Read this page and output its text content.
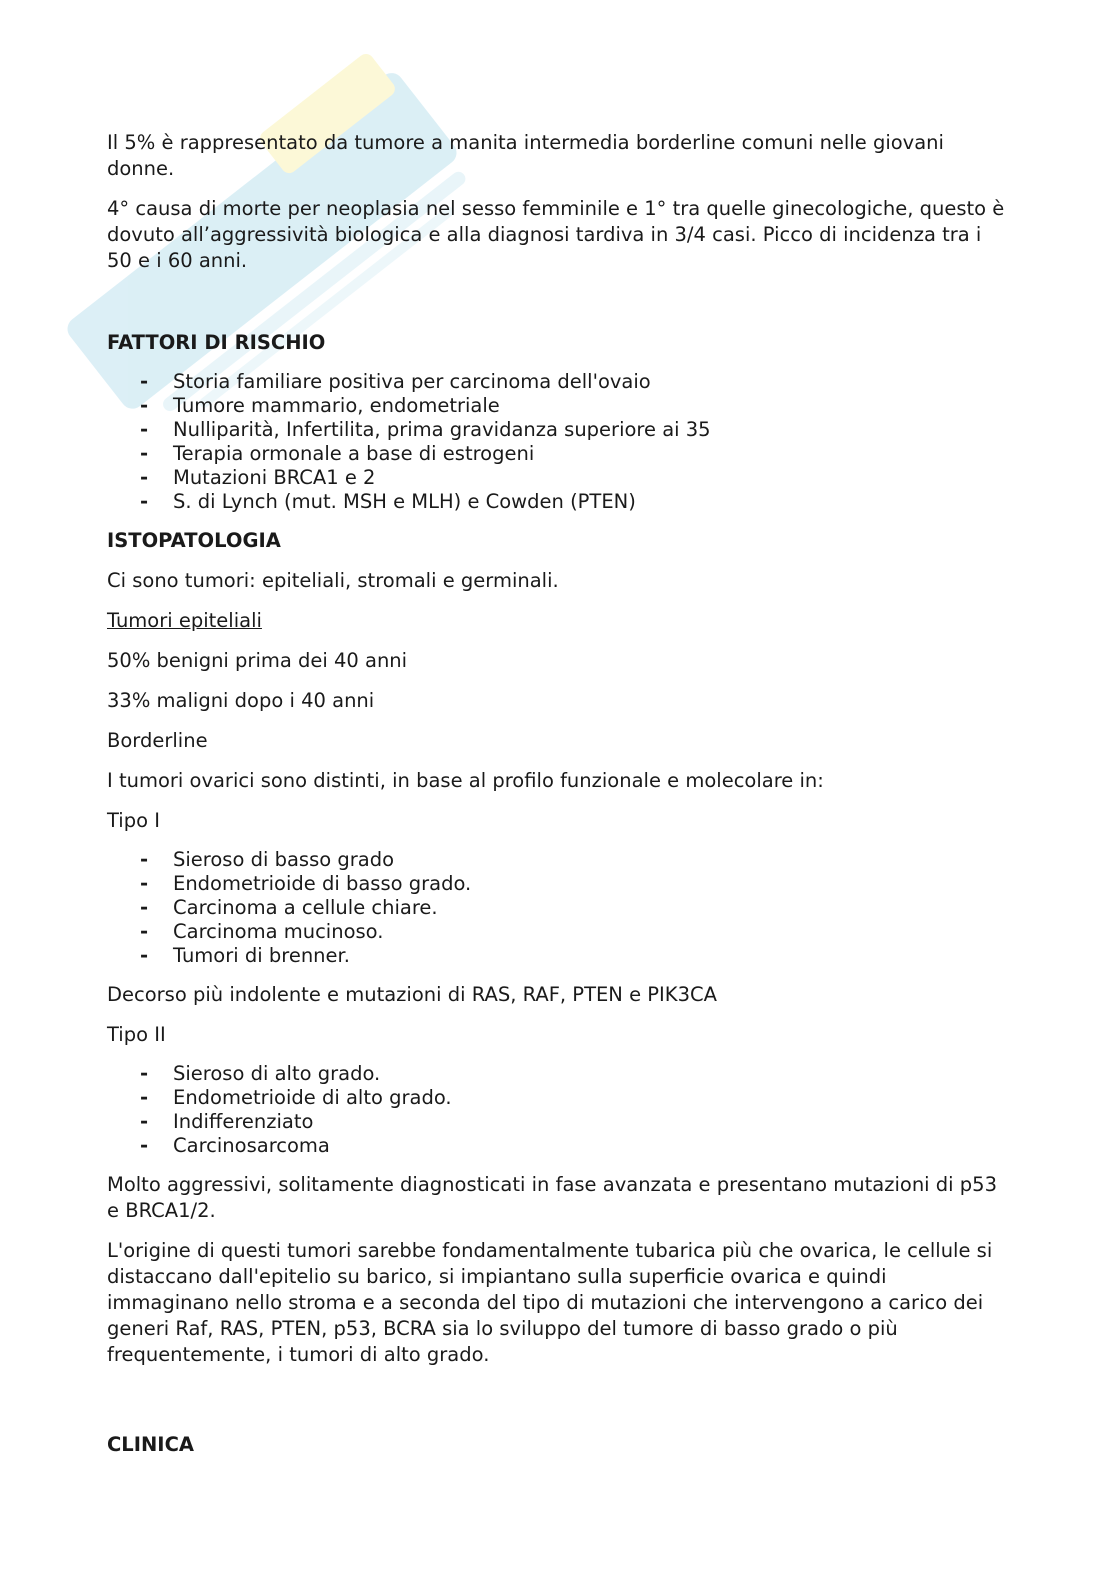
Il 5% è rappresentato da tumore a manita intermedia borderline comuni nelle giovani donne.

4° causa di morte per neoplasia nel sesso femminile e 1° tra quelle ginecologiche, questo è dovuto all’aggressività biologica e alla diagnosi tardiva in 3/4 casi. Picco di incidenza tra i 50 e i 60 anni.

FATTORI DI RISCHIO
- Storia familiare positiva per carcinoma dell'ovaio
- Tumore mammario, endometriale
- Nulliparità, Infertilita, prima gravidanza superiore ai 35
- Terapia ormonale a base di estrogeni
- Mutazioni BRCA1 e 2
- S. di Lynch (mut. MSH e MLH) e Cowden (PTEN)
ISTOPATOLOGIA

Ci sono tumori: epiteliali, stromali e germinali.

Tumori epiteliali

50% benigni prima dei 40 anni

33% maligni dopo i 40 anni

Borderline

I tumori ovarici sono distinti, in base al profilo funzionale e molecolare in:

Tipo I

- Sieroso di basso grado
- Endometrioide di basso grado.
- Carcinoma a cellule chiare.
- Carcinoma mucinoso.
- Tumori di brenner.

Decorso più indolente e mutazioni di RAS, RAF, PTEN e PIK3CA

Tipo II

- Sieroso di alto grado.
- Endometrioide di alto grado.
- Indifferenziato
- Carcinosarcoma

Molto aggressivi, solitamente diagnosticati in fase avanzata e presentano mutazioni di p53 e BRCA1/2.

L'origine di questi tumori sarebbe fondamentalmente tubarica più che ovarica, le cellule si distaccano dall'epitelio su barico, si impiantano sulla superficie ovarica e quindi immaginano nello stroma e a seconda del tipo di mutazioni che intervengono a carico dei generi Raf, RAS, PTEN, p53, BCRA sia lo sviluppo del tumore di basso grado o più frequentemente, i tumori di alto grado.

CLINICA
